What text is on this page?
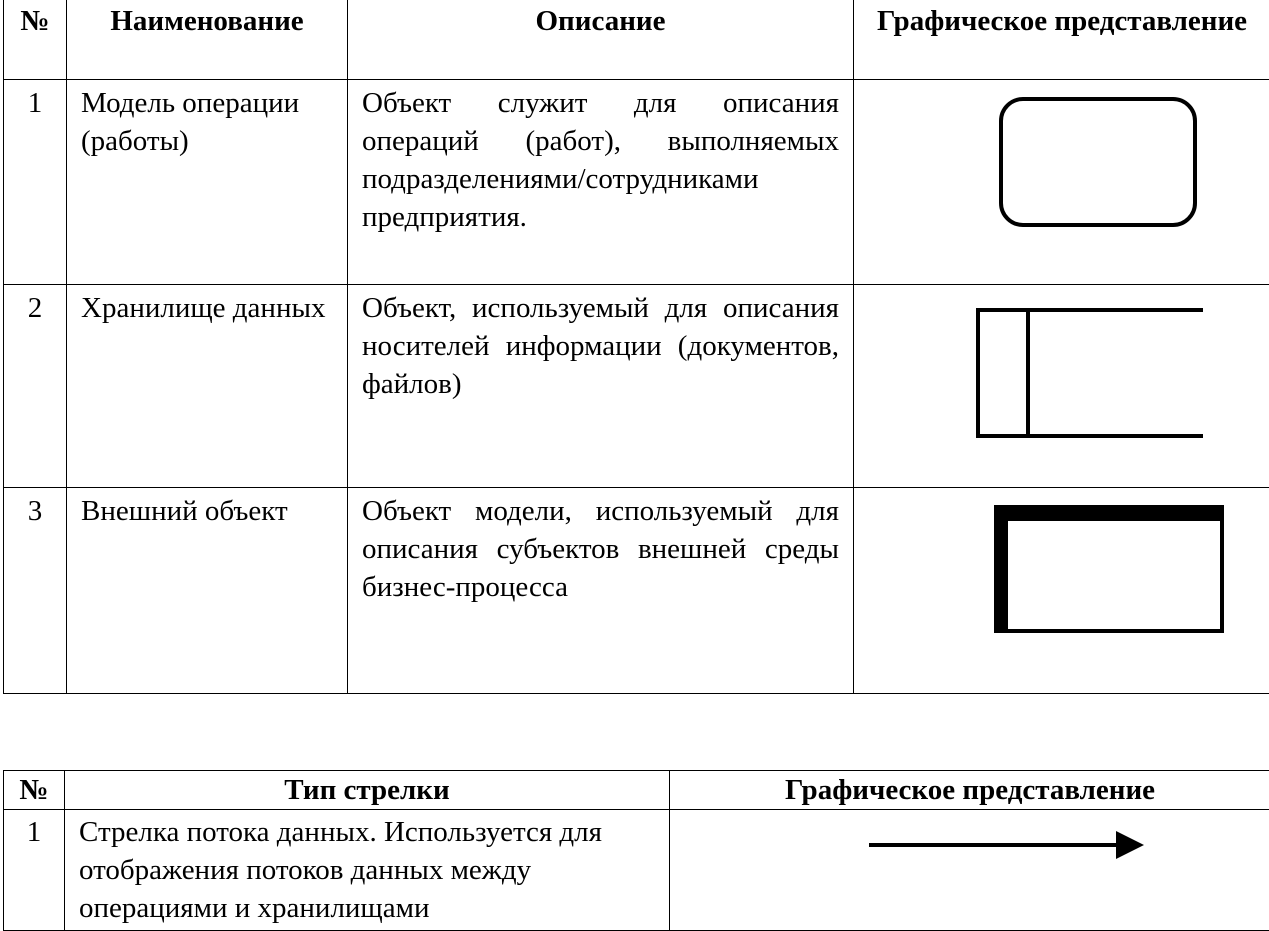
№	Наименование	Описание	Графическое представление
1	Модель операции (работы)	Объект служит для описания операций (работ), выполняемых подразделениями/сотрудниками предприятия.	

2	Хранилище данных	Объект, используемый для описания носителей информации (документов, файлов)	

3	Внешний объект	Объект модели, используемый для описания субъектов внешней среды бизнес-процесса	
№	Тип стрелки	Графическое представление
1	Стрелка потока данных. Используется для отображения потоков данных между операциями и хранилищами	
